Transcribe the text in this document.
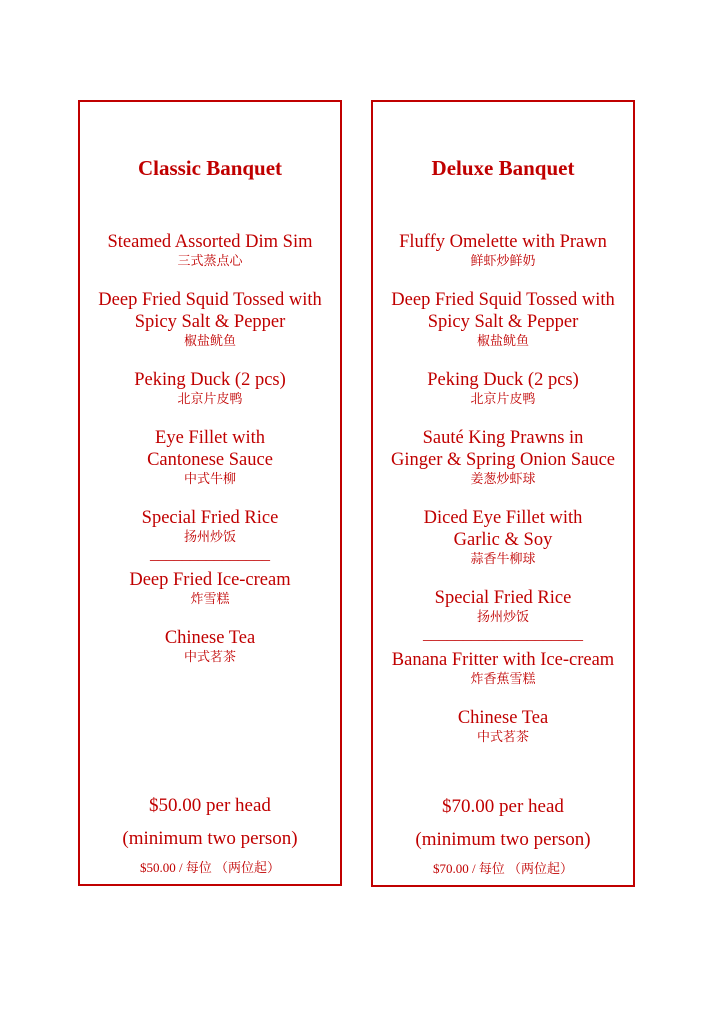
Classic Banquet
Steamed Assorted Dim Sim
三式蒸点心
Deep Fried Squid Tossed with
Spicy Salt & Pepper
椒盐鱿鱼
Peking Duck (2 pcs)
北京片皮鸭
Eye Fillet with
Cantonese Sauce
中式牛柳
Special Fried Rice
扬州炒饭
_______________
Deep Fried Ice-cream
炸雪糕
Chinese Tea
中式茗茶
$50.00 per head
(minimum two person)
$50.00 / 每位 （两位起）
Deluxe Banquet
Fluffy Omelette with Prawn
鲜虾炒鲜奶
Deep Fried Squid Tossed with
Spicy Salt & Pepper
椒盐鱿鱼
Peking Duck (2 pcs)
北京片皮鸭
Sauté King Prawns in
Ginger & Spring Onion Sauce
姜葱炒虾球
Diced Eye Fillet with
Garlic & Soy
蒜香牛柳球
Special Fried Rice
扬州炒饭
____________________
Banana Fritter with Ice-cream
炸香蕉雪糕
Chinese Tea
中式茗茶
$70.00 per head
(minimum two person)
$70.00 / 每位 （两位起）
